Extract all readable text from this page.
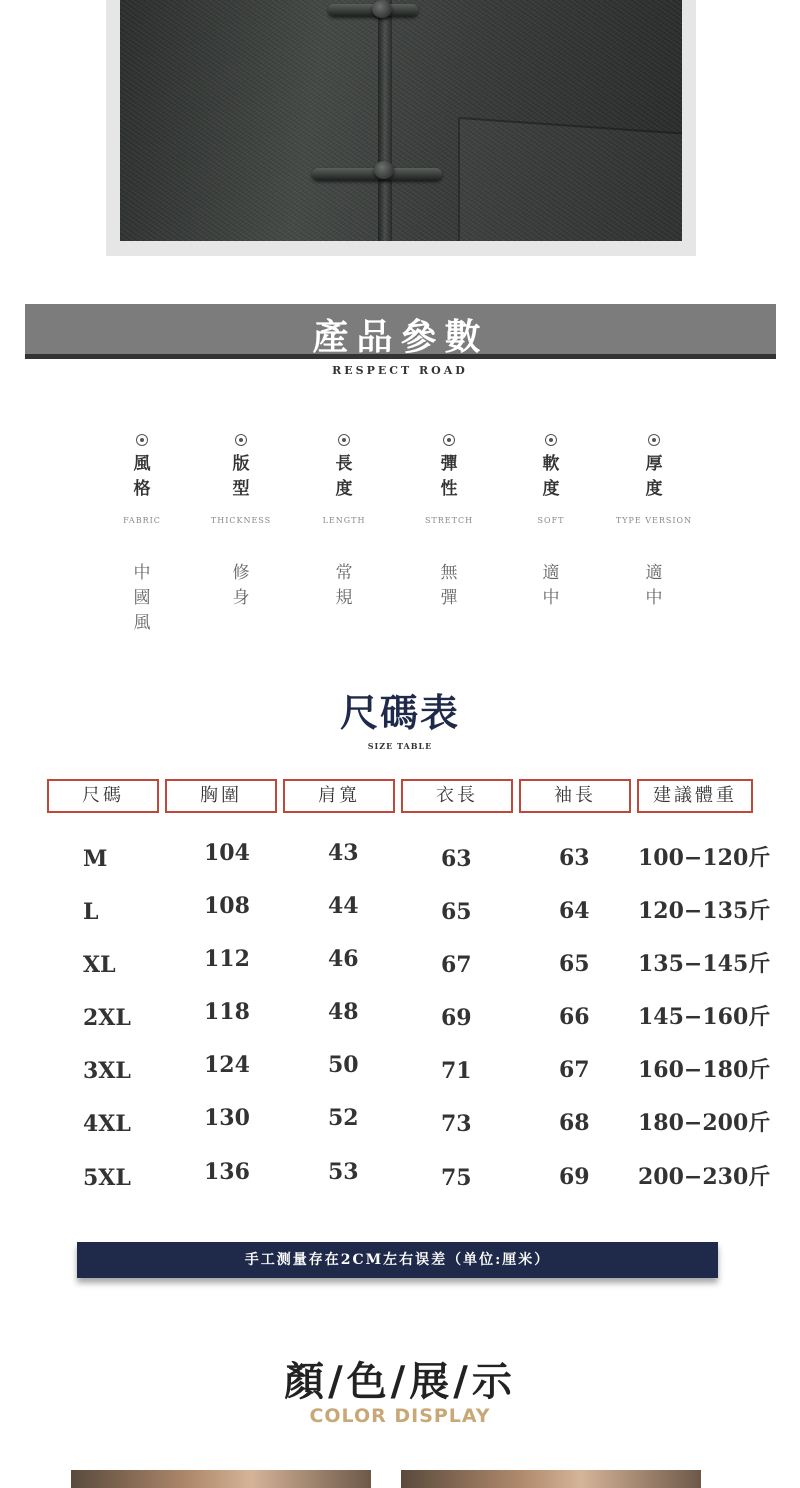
產品參數
RESPECT ROAD
風格
FABRIC
中國風
版型
THICKNESS
修身
長度
LENGTH
常規
彈性
STRETCH
無彈
軟度
SOFT
適中
厚度
TYPE VERSION
適中
尺碼表
SIZE TABLE
尺碼	胸圍	肩寬	衣長	袖長	建議體重
M	104	43	63	63 100−120斤
L	108	44	65	64 120−135斤
XL	112	46	67	65 135−145斤
2XL	118	48	69	66 145−160斤
3XL	124	50	71	67 160−180斤
4XL	130	52	73	68 180−200斤
5XL	136	53	75	69 200−230斤
手工测量存在2CM左右误差（单位:厘米）
顏/色/展/示
COLOR DISPLAY
